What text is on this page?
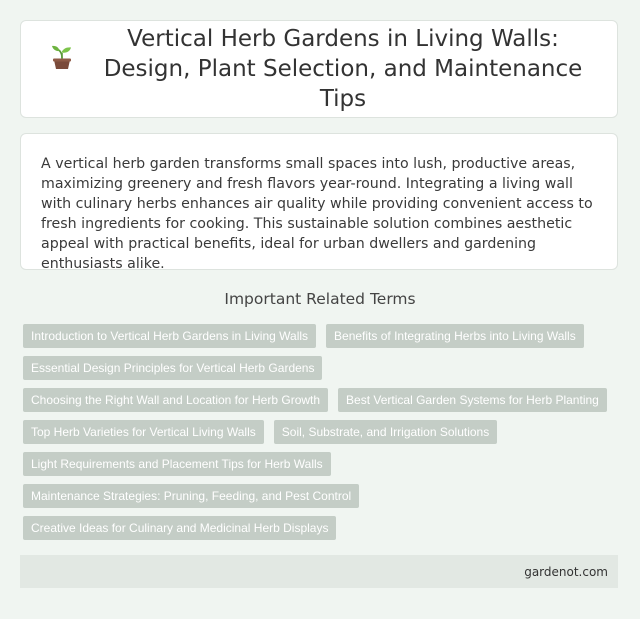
Vertical Herb Gardens in Living Walls: Design, Plant Selection, and Maintenance Tips

A vertical herb garden transforms small spaces into lush, productive areas, maximizing greenery and fresh flavors year-round. Integrating a living wall with culinary herbs enhances air quality while providing convenient access to fresh ingredients for cooking. This sustainable solution combines aesthetic appeal with practical benefits, ideal for urban dwellers and gardening enthusiasts alike.

Important Related Terms
Introduction to Vertical Herb Gardens in Living Walls	Benefits of Integrating Herbs into Living Walls
Essential Design Principles for Vertical Herb Gardens
Choosing the Right Wall and Location for Herb Growth	Best Vertical Garden Systems for Herb Planting
Top Herb Varieties for Vertical Living Walls	Soil, Substrate, and Irrigation Solutions
Light Requirements and Placement Tips for Herb Walls
Maintenance Strategies: Pruning, Feeding, and Pest Control
Creative Ideas for Culinary and Medicinal Herb Displays
gardenot.com
